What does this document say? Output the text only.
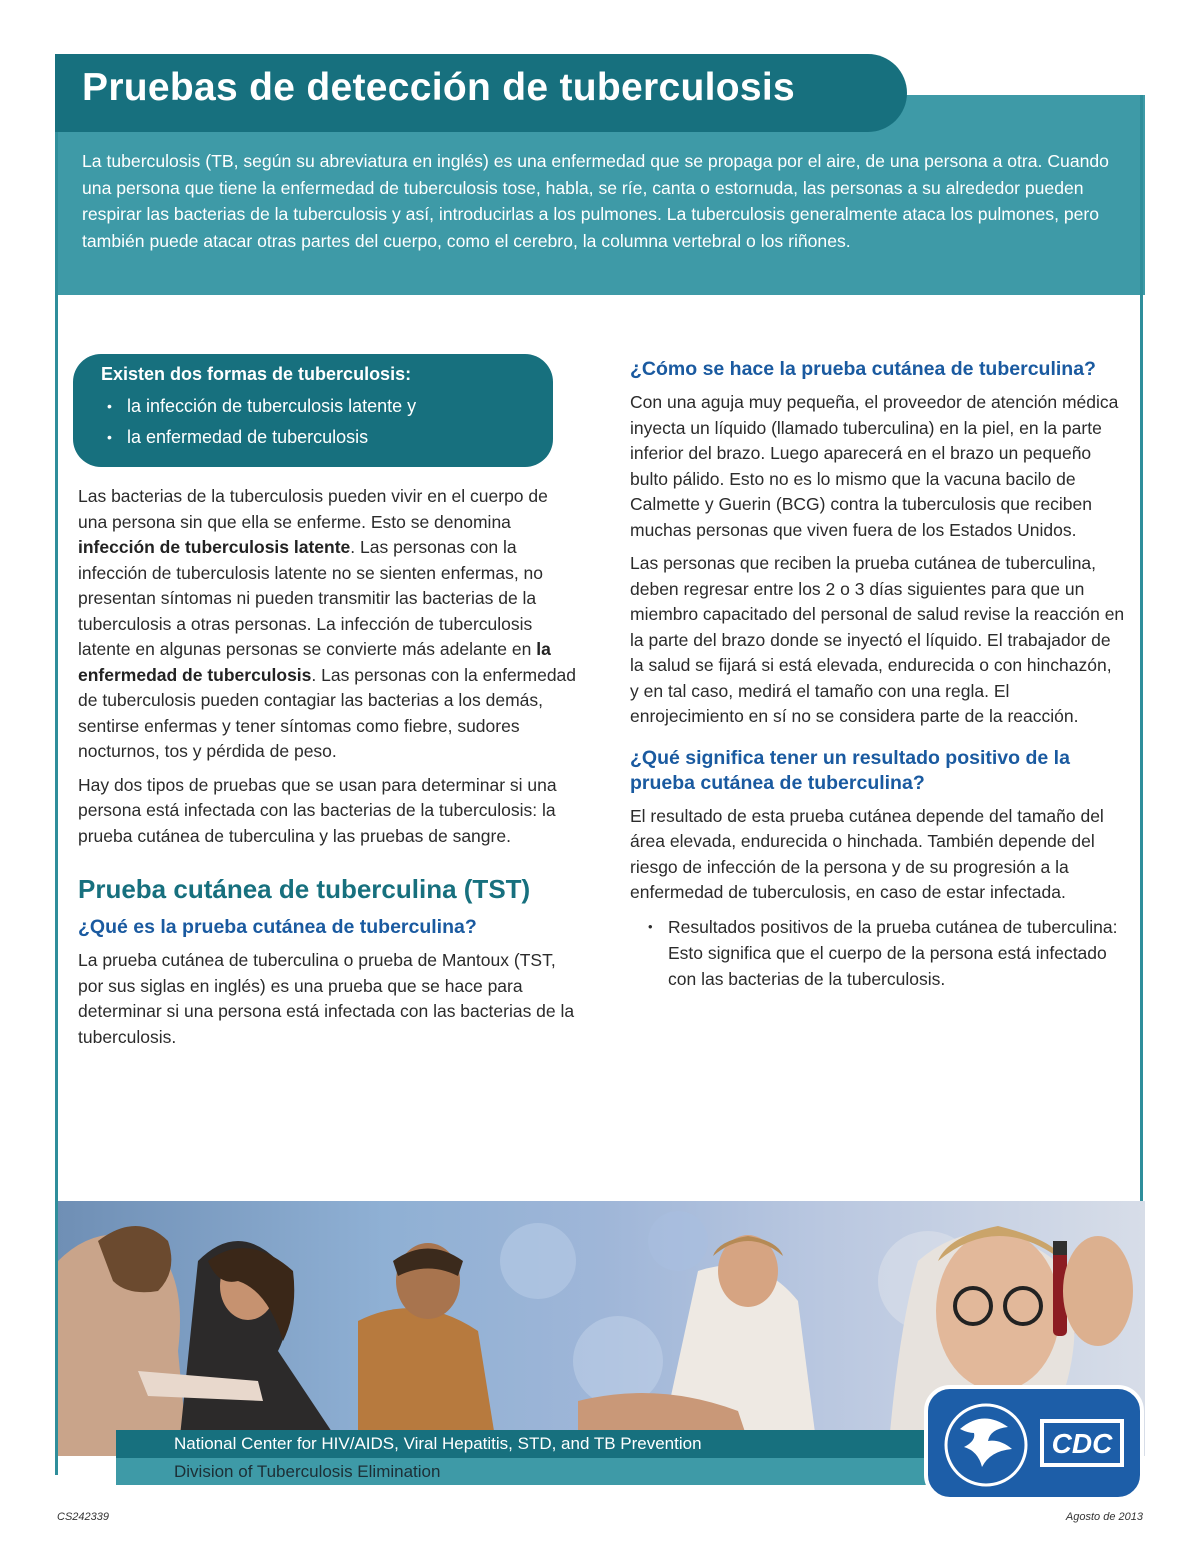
Pruebas de detección de tuberculosis

La tuberculosis (TB, según su abreviatura en inglés) es una enfermedad que se propaga por el aire, de una persona a otra. Cuando una persona que tiene la enfermedad de tuberculosis tose, habla, se ríe, canta o estornuda, las personas a su alrededor pueden respirar las bacterias de la tuberculosis y así, introducirlas a los pulmones. La tuberculosis generalmente ataca los pulmones, pero también puede atacar otras partes del cuerpo, como el cerebro, la columna vertebral o los riñones.

Existen dos formas de tuberculosis:

• la infección de tuberculosis latente y
• la enfermedad de tuberculosis

Las bacterias de la tuberculosis pueden vivir en el cuerpo de una persona sin que ella se enferme. Esto se denomina infección de tuberculosis latente. Las personas con la infección de tuberculosis latente no se sienten enfermas, no presentan síntomas ni pueden transmitir las bacterias de la tuberculosis a otras personas. La infección de tuberculosis latente en algunas personas se convierte más adelante en la enfermedad de tuberculosis. Las personas con la enfermedad de tuberculosis pueden contagiar las bacterias a los demás, sentirse enfermas y tener síntomas como fiebre, sudores nocturnos, tos y pérdida de peso.

Hay dos tipos de pruebas que se usan para determinar si una persona está infectada con las bacterias de la tuberculosis: la prueba cutánea de tuberculina y las pruebas de sangre.

Prueba cutánea de tuberculina (TST)

¿Qué es la prueba cutánea de tuberculina?

La prueba cutánea de tuberculina o prueba de Mantoux (TST, por sus siglas en inglés) es una prueba que se hace para determinar si una persona está infectada con las bacterias de la tuberculosis.

¿Cómo se hace la prueba cutánea de tuberculina?

Con una aguja muy pequeña, el proveedor de atención médica inyecta un líquido (llamado tuberculina) en la piel, en la parte inferior del brazo. Luego aparecerá en el brazo un pequeño bulto pálido. Esto no es lo mismo que la vacuna bacilo de Calmette y Guerin (BCG) contra la tuberculosis que reciben muchas personas que viven fuera de los Estados Unidos.

Las personas que reciben la prueba cutánea de tuberculina, deben regresar entre los 2 o 3 días siguientes para que un miembro capacitado del personal de salud revise la reacción en la parte del brazo donde se inyectó el líquido. El trabajador de la salud se fijará si está elevada, endurecida o con hinchazón, y en tal caso, medirá el tamaño con una regla. El enrojecimiento en sí no se considera parte de la reacción.

¿Qué significa tener un resultado positivo de la prueba cutánea de tuberculina?

El resultado de esta prueba cutánea depende del tamaño del área elevada, endurecida o hinchada. También depende del riesgo de infección de la persona y de su progresión a la enfermedad de tuberculosis, en caso de estar infectada.

• Resultados positivos de la prueba cutánea de tuberculina: Esto significa que el cuerpo de la persona está infectado con las bacterias de la tuberculosis.
National Center for HIV/AIDS, Viral Hepatitis, STD, and TB Prevention
Division of Tuberculosis Elimination
CDC
CS242339	Agosto de 2013
